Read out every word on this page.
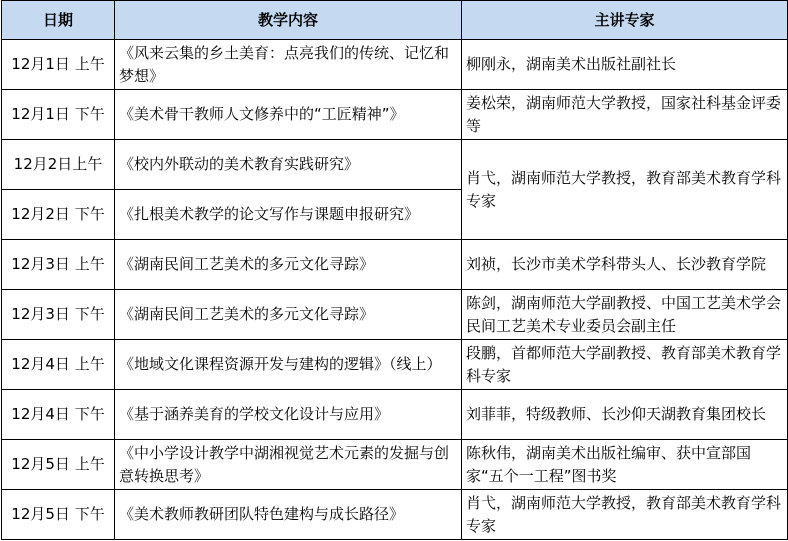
日期	教学内容	主讲专家
12月1日 上午	《风来云集的乡土美育：点亮我们的传统、记忆和梦想》	柳刚永，湖南美术出版社副社长
12月1日 下午	《美术骨干教师人文修养中的“工匠精神”》	姜松荣，湖南师范大学教授，国家社科基金评委等
12月2日上午	《校内外联动的美术教育实践研究》	肖弋，湖南师范大学教授，教育部美术教育学科专家
12月2日 下午	《扎根美术教学的论文写作与课题申报研究》	
12月3日 上午	《湖南民间工艺美术的多元文化寻踪》	刘祯，长沙市美术学科带头人、长沙教育学院
12月3日 下午	《湖南民间工艺美术的多元文化寻踪》	陈剑，湖南师范大学副教授、中国工艺美术学会民间工艺美术专业委员会副主任
12月4日 上午	《地域文化课程资源开发与建构的逻辑》（线上）	段鹏，首都师范大学副教授、教育部美术教育学科专家
12月4日 下午	《基于涵养美育的学校文化设计与应用》	刘菲菲，特级教师、长沙仰天湖教育集团校长
12月5日 上午	《中小学设计教学中湖湘视觉艺术元素的发掘与创意转换思考》	陈秋伟，湖南美术出版社编审、获中宣部国家“五个一工程”图书奖
12月5日 下午	《美术教师教研团队特色建构与成长路径》	肖弋，湖南师范大学教授，教育部美术教育学科专家
